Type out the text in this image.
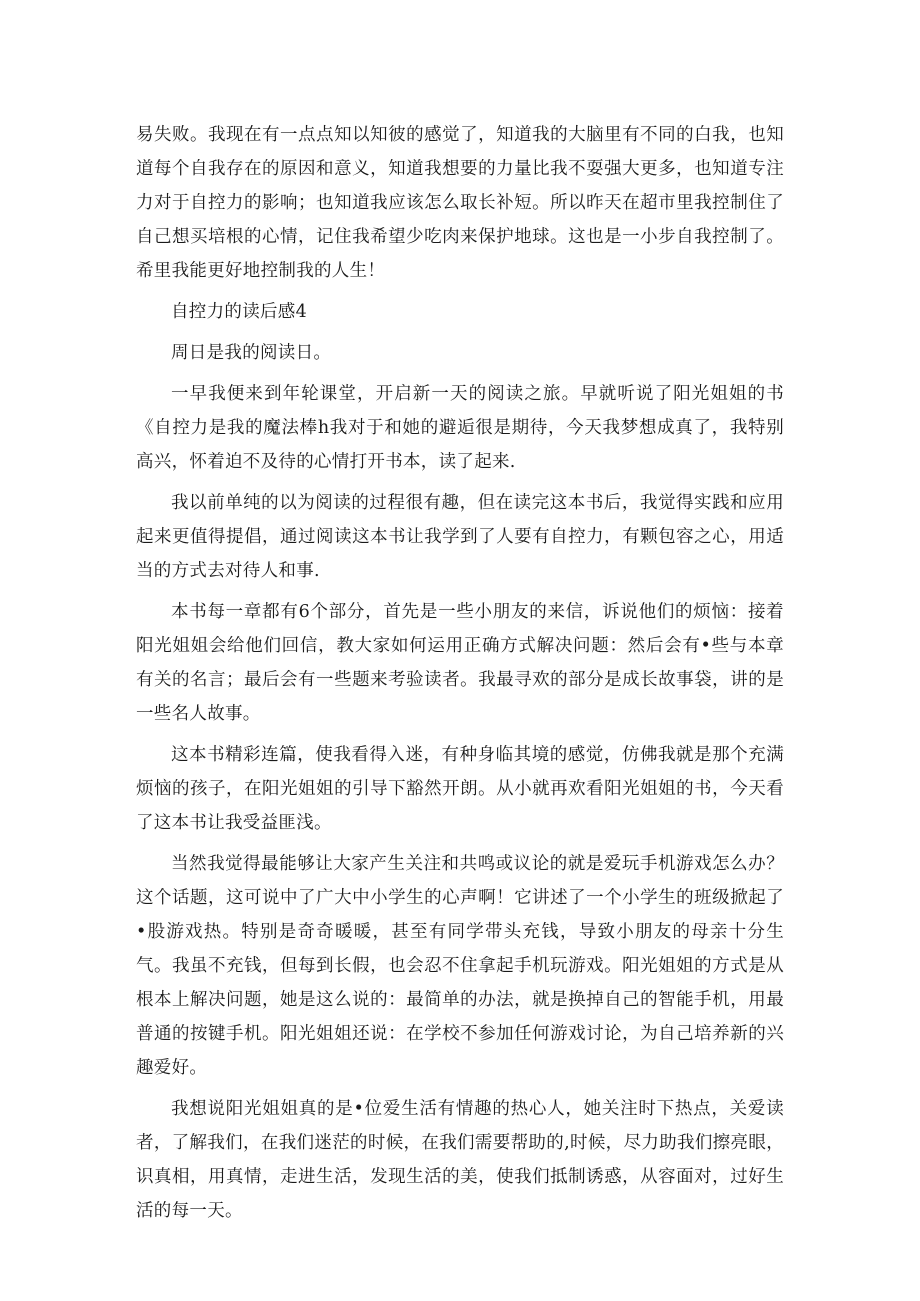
易失败。我现在有一点点知以知彼的感觉了，知道我的大脑里有不同的白我，也知道每个自我存在的原因和意义，知道我想要的力量比我不耍强大更多，也知道专注力对于自控力的影响；也知道我应该怎么取长补短。所以昨天在超市里我控制住了自己想买培根的心情，记住我希望少吃肉来保护地球。这也是一小步自我控制了。希里我能更好地控制我的人生！

自控力的读后感4

周日是我的阅读日。

一早我便来到年轮课堂，开启新一天的阅读之旅。早就听说了阳光姐姐的书《自控力是我的魔法棒h我对于和她的避逅很是期待，今天我梦想成真了，我特别高兴，怀着迫不及待的心情打开书本，读了起来.

我以前单纯的以为阅读的过程很有趣，但在读完这本书后，我觉得实践和应用起来更值得提倡，通过阅读这本书让我学到了人要有自控力，有颗包容之心，用适当的方式去对待人和事.

本书每一章都有6个部分，首先是一些小朋友的来信，诉说他们的烦恼：接着阳光姐姐会给他们回信，教大家如何运用正确方式解决问题：然后会有•些与本章有关的名言；最后会有一些题来考验读者。我最寻欢的部分是成长故事袋，讲的是一些名人故事。

这本书精彩连篇，使我看得入迷，有种身临其境的感觉，仿佛我就是那个充满烦恼的孩子，在阳光姐姐的引导下豁然开朗。从小就再欢看阳光姐姐的书，今天看了这本书让我受益匪浅。

当然我觉得最能够让大家产生关注和共鸣或议论的就是爱玩手机游戏怎么办？这个话题，这可说中了广大中小学生的心声啊！它讲述了一个小学生的班级掀起了•股游戏热。特别是奇奇暖暖，甚至有同学带头充钱，导致小朋友的母亲十分生气。我虽不充钱，但每到长假，也会忍不住拿起手机玩游戏。阳光姐姐的方式是从根本上解决问题，她是这么说的：最简单的办法，就是换掉自己的智能手机，用最普通的按键手机。阳光姐姐还说：在学校不参加任何游戏讨论，为自己培养新的兴趣爱好。

我想说阳光姐姐真的是•位爱生活有情趣的热心人，她关注时下热点，关爱读者，了解我们，在我们迷茫的时候，在我们需要帮助的,时候，尽力助我们擦亮眼，识真相，用真情，走进生活，发现生活的美，使我们抵制诱惑，从容面对，过好生活的每一天。
